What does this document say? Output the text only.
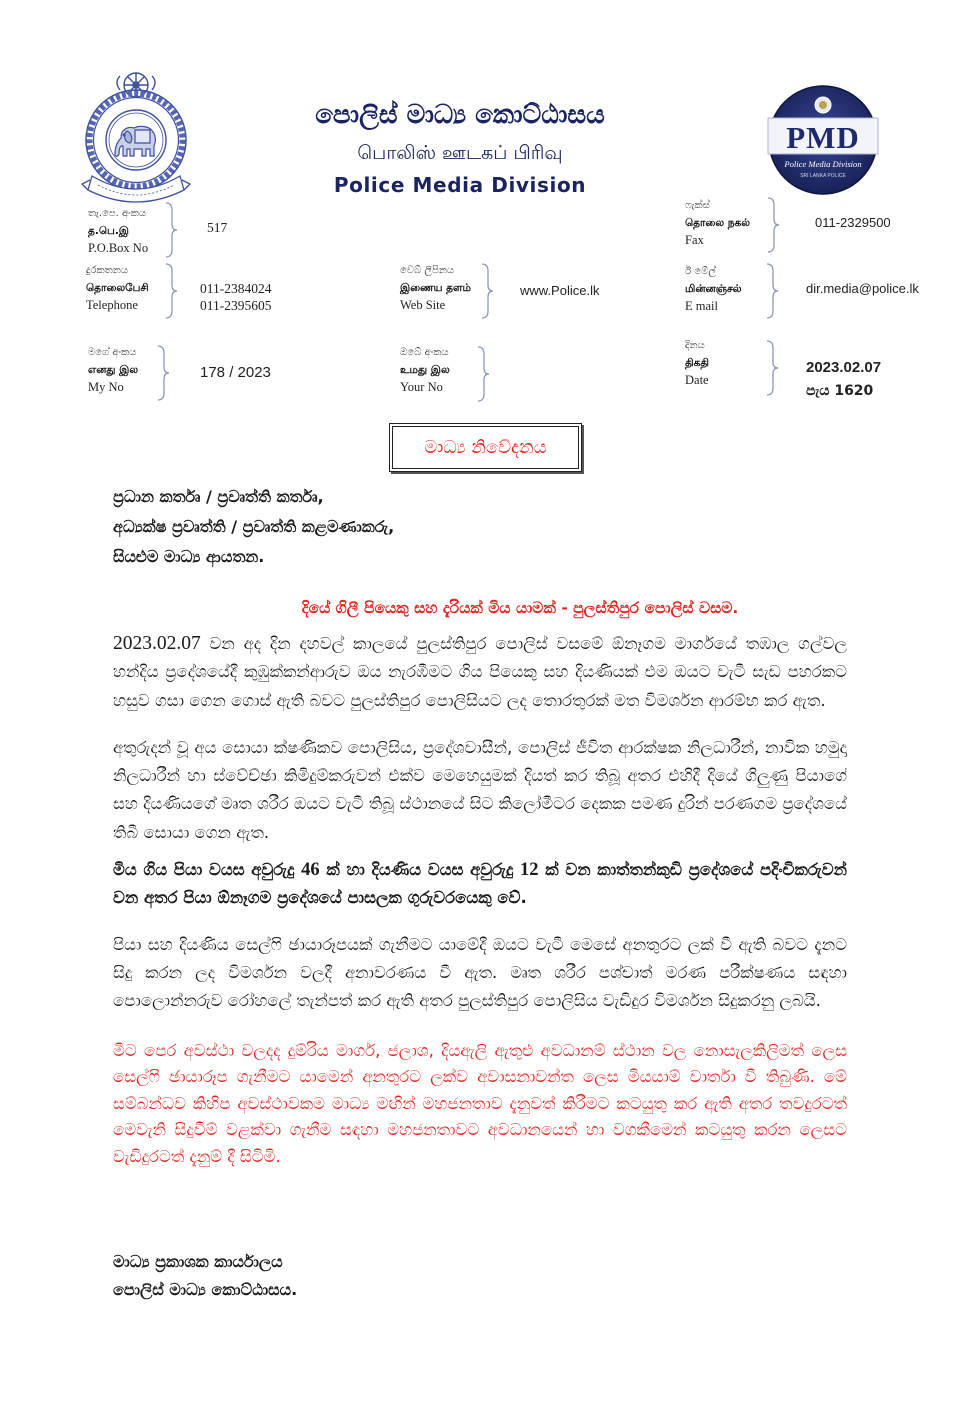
පොලිස් මාධ්‍ය කොට්ඨාසය
பொலிஸ் ஊடகப் பிரிவு
Police Media Division
PMD
Police Media Division
SRI LANKA POLICE
තැ.පෙ. අංකය
த.பெ.இ
P.O.Box No
517
ෆැක්ස්
தொலை நகல்
Fax
011-2329500
දුරකතනය
தொலைபேசி
Telephone
011-2384024
011-2395605
වෙබ් ලිපිනය
இணைய தளம்
Web Site
www.Police.lk
ඊ මේල්
மின்னஞ்சல்
E mail
dir.media@police.lk
මගේ අංකය
எனது இல
My No
178 / 2023
ඔබේ අංකය
உமது இல
Your No
දිනය
திகதி
Date
2023.02.07
පැය 1620
මාධ්‍ය නිවේදනය
ප්‍රධාන කර්තෘ / ප්‍රවෘත්ති කර්තෘ,
අධ්‍යක්ෂ ප්‍රවෘත්ති / ප්‍රවෘත්ති කළමණාකරු,
සියළුම මාධ්‍ය ආයතන.
දියේ ගිලී පියෙකු සහ දැරියක් මිය යාමක් - පුලස්තිපුර පොලිස් වසම.

2023.02.07 වන අද දින දහවල් කාලයේ පුලස්තිපුර පොලිස් වසමේ ඕනෑගම මාර්ගයේ තඹාල ගල්වල හන්දිය ප්‍රදේශයේදී කුඹුක්කන්ආරුව ඔය නැරඹීමට ගිය පියෙකු සහ දියණියක් එම ඔයට වැටී සැඩ පහරකට හසුව ගසා ගෙන ගොස් ඇති බවට පුලස්තිපුර පොලිසියට ලද තොරතුරක් මත විමර්ශන ආරම්භ කර ඇත.

අතුරුදන් වූ අය සොයා ක්ෂණිකව පොලිසිය, ප්‍රදේශවාසීන්, පොලිස් ජීවිත ආරක්ෂක නිලධාරීන්, නාවික හමුදා නිලධාරීන් හා ස්වේච්ඡා කිමිදුම්කරුවන් එක්ව මෙහෙයුමක් දියත් කර තිබූ අතර එහිදී දියේ ගිලුණු පියාගේ සහ දියණියගේ මෘත ශරීර ඔයට වැටී තිබූ ස්ථානයේ සිට කිලෝමීටර දෙකක පමණ දුරින් පරණගම ප්‍රදේශයේ තිබී සොයා ගෙන ඇත.

මිය ගිය පියා වයස අවුරුදු 46 ක් හා දියණිය වයස අවුරුදු 12 ක් වන කාත්තන්කුඩි ප්‍රදේශයේ පදිංචිකරුවන් වන අතර පියා ඕනෑගම ප්‍රදේශයේ පාසලක ගුරුවරයෙකු වේ.

පියා සහ දියණිය සෙල්ෆි ඡායාරූපයක් ගැනීමට යාමේදී ඔයට වැටී මෙසේ අනතුරට ලක් වී ඇති බවට දැනට සිදු කරන ලද විමර්ශන වලදී අනාවරණය වී ඇත. මෘත ශරීර පශ්චාත් මරණ පරීක්ෂණය සඳහා පොලොන්නරුව රෝහලේ තැන්පත් කර ඇති අතර පුලස්තිපුර පොලිසිය වැඩිදුර විමර්ශන සිදුකරනු ලබයි.

මීට පෙර අවස්ථා වලදද දුම්රිය මාර්ග, ජලාශ, දියඇලි ඇතුළු අවධානම් ස්ථාන වල නොසැලකිලිමත් ලෙස සෙල්ෆි ඡායාරූප ගැනීමට යාමෙන් අනතුරට ලක්ව අවාසනාවන්ත ලෙස මියයාම් වාර්තා වී තිබුණි. මේ සම්බන්ධව කිහිප අවස්ථාවකම මාධ්‍ය මඟින් මහජනතාව දැනුවත් කිරීමට කටයුතු කර ඇති අතර තවදුරටත් මෙවැනි සිදුවීම් වළක්වා ගැනීම සඳහා මහජනතාවට අවධානයෙන් හා වගකීමෙන් කටයුතු කරන ලෙසට වැඩිදුරටත් දැනුම් දී සිටිමි.

මාධ්‍ය ප්‍රකාශක කාර්යාලය
පොලිස් මාධ්‍ය කොට්ඨාසය.
